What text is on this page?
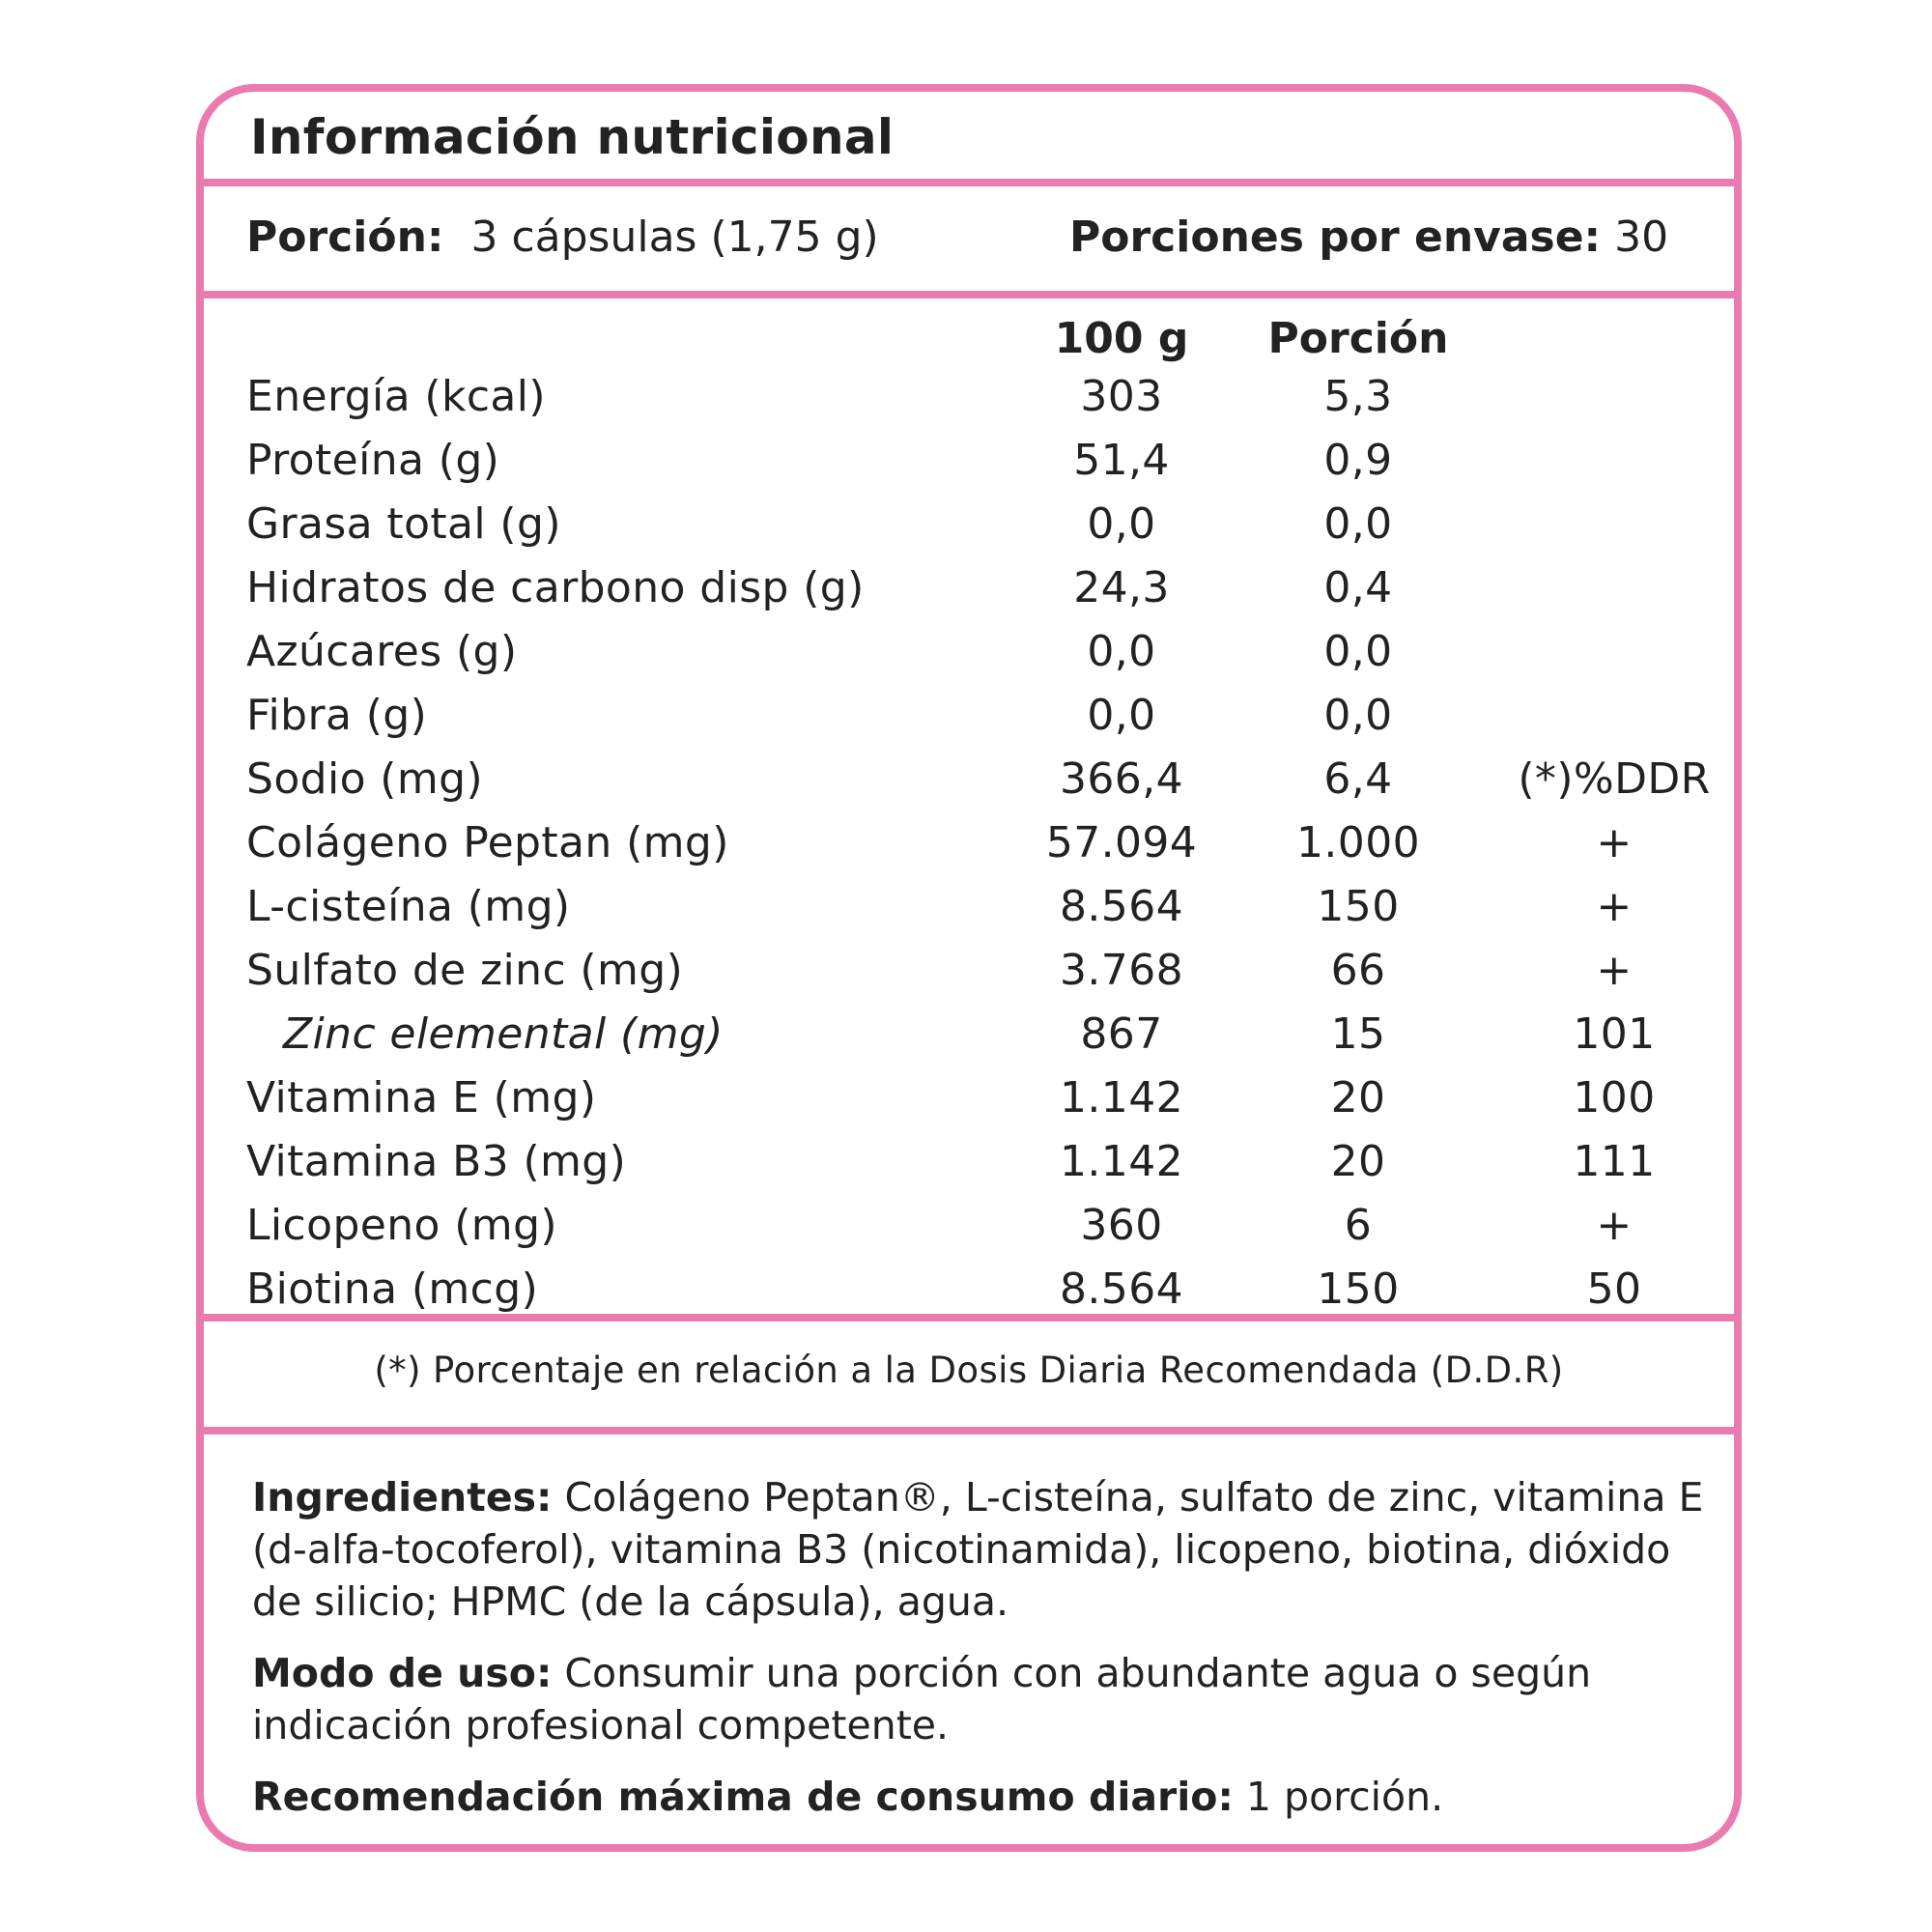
Información nutricional
Porción: 3 cápsulas (1,75 g)	Porciones por envase: 30
100 g	Porción
Energía (kcal)	303	5,3
Proteína (g)	51,4	0,9
Grasa total (g)	0,0	0,0
Hidratos de carbono disp (g)	24,3	0,4
Azúcares (g)	0,0	0,0
Fibra (g)	0,0	0,0
Sodio (mg)	366,4	6,4	(*)%DDR
Colágeno Peptan (mg)	57.094	1.000	+
L-cisteína (mg)	8.564	150	+
Sulfato de zinc (mg)	3.768	66	+
Zinc elemental (mg)	867	15	101
Vitamina E (mg)	1.142	20	100
Vitamina B3 (mg)	1.142	20	111
Licopeno (mg)	360	6	+
Biotina (mcg)	8.564	150	50
(*) Porcentaje en relación a la Dosis Diaria Recomendada (D.D.R)
Ingredientes: Colágeno Peptan®, L-cisteína, sulfato de zinc, vitamina E (d-alfa-tocoferol), vitamina B3 (nicotinamida), licopeno, biotina, dióxido de silicio; HPMC (de la cápsula), agua.
Modo de uso: Consumir una porción con abundante agua o según indicación profesional competente.
Recomendación máxima de consumo diario: 1 porción.
